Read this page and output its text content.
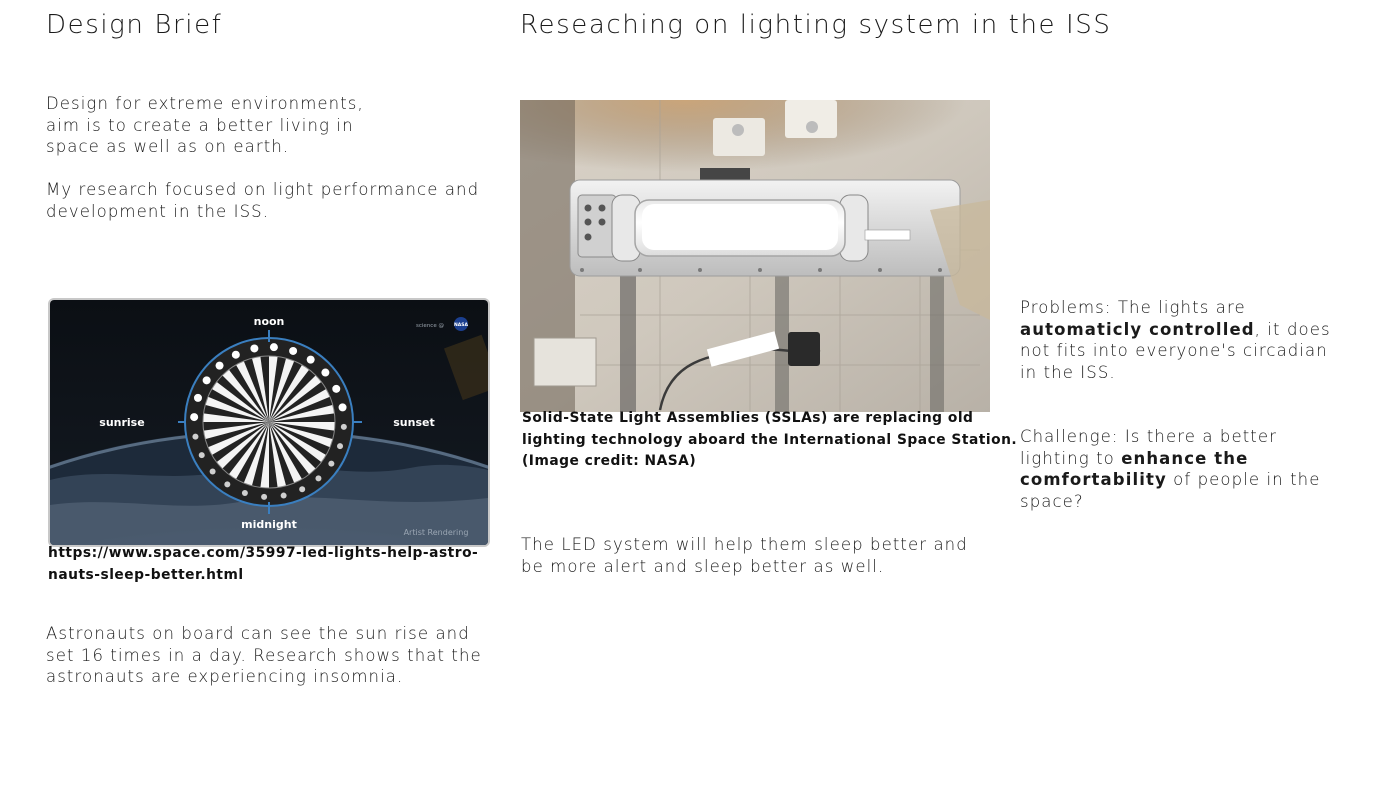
Design Brief

Design for extreme environments,

aim is to create a better living in

space as well as on earth.

My research focused on light performance and

development in the ISS.

noon
sunrise	sunset
midnight
science @ NASA
Artist Rendering
https://www.space.com/35997-led-lights-help-astro-
nauts-sleep-better.html

Astronauts on board can see the sun rise and

set 16 times in a day. Research shows that the

astronauts are experiencing insomnia.

Reseaching on lighting system in the ISS
Solid-State Light Assemblies (SSLAs) are replacing old
lighting technology aboard the International Space Station.
(Image credit: NASA)

The LED system will help them sleep better and

be more alert and sleep better as well.

Problems: The lights are

automaticly controlled, it does

not fits into everyone's circadian

in the ISS.

Challenge: Is there a better

lighting to enhance the

comfortability of people in the

space?
